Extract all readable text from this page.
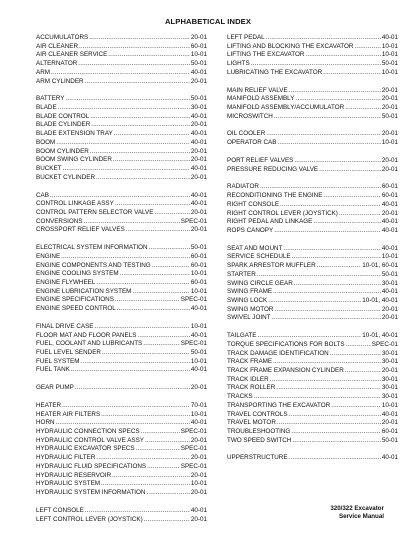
ALPHABETICAL INDEX
ACCUMULATORS .....	20-01
AIR CLEANER .....	60-01
AIR CLEANER SERVICE .....	10-01
ALTERNATOR .....	50-01
ARM .....	40-01
ARM CYLINDER .....	20-01
BATTERY .....	50-01
BLADE .....	30-01
BLADE CONTROL .....	40-01
BLADE CYLINDER .....	20-01
BLADE EXTENSION TRAY .....	40-01
BOOM .....	40-01
BOOM CYLINDER .....	20-01
BOOM SWING CYLINDER .....	20-01
BUCKET .....	40-01
BUCKET CYLINDER .....	20-01
CAB .....	40-01
CONTROL LINKAGE ASSY .....	40-01
CONTROL PATTERN SELECTOR VALVE .....	20-01
CONVERSIONS .....	SPEC-01
CROSSPORT RELIEF VALVES .....	20-01
ELECTRICAL SYSTEM INFORMATION .....	50-01
ENGINE .....	60-01
ENGINE COMPONENTS AND TESTING .....	60-01
ENGINE COOLING SYSTEM .....	10-01
ENGINE FLYWHEEL .....	60-01
ENGINE LUBRICATION SYSTEM .....	10-01
ENGINE SPECIFICATIONS .....	SPEC-01
ENGINE SPEED CONTROL .....	40-01
FINAL DRIVE CASE .....	10-01
FLOOR MAT AND FLOOR PANELS .....	40-01
FUEL, COOLANT AND LUBRICANTS .....	SPEC-01
FUEL LEVEL SENDER .....	50-01
FUEL SYSTEM .....	10-01
FUEL TANK .....	40-01
GEAR PUMP .....	20-01
HEATER .....	70-01
HEATER AIR FILTERS .....	10-01
HORN .....	40-01
HYDRAULIC CONNECTION SPECS .....	SPEC-01
HYDRAULIC CONTROL VALVE ASSY .....	20-01
HYDRAULIC EXCAVATOR SPECS .....	SPEC-01
HYDRAULIC FILTER .....	20-01
HYDRAULIC FLUID SPECIFICATIONS .....	SPEC-01
HYDRAULIC RESERVOIR .....	20-01
HYDRAULIC SYSTEM .....	10-01
HYDRAULIC SYSTEM INFORMATION .....	20-01
LEFT CONSOLE .....	40-01
LEFT CONTROL LEVER (JOYSTICK) .....	20-01
LEFT PEDAL .....	40-01
LIFTING AND BLOCKING THE EXCAVATOR .....	10-01
LIFTING THE EXCAVATOR .....	10-01
LIGHTS .....	50-01
LUBRICATING THE EXCAVATOR .....	10-01
MAIN RELIEF VALVE .....	20-01
MANIFOLD ASSEMBLY .....	20-01
MANIFOLD ASSEMBLY/ACCUMULATOR .....	20-01
MICROSWITCH .....	50-01
OIL COOLER .....	20-01
OPERATOR CAB .....	10-01
PORT RELIEF VALVES .....	20-01
PRESSURE REDUCING VALVE .....	20-01
RADIATOR .....	60-01
RECONDITIONING THE ENGINE .....	60-01
RIGHT CONSOLE .....	40-01
RIGHT CONTROL LEVER (JOYSTICK) .....	20-01
RIGHT PEDAL AND LINKAGE .....	40-01
ROPS CANOPY .....	40-01
SEAT AND MOUNT .....	40-01
SERVICE SCHEDULE .....	10-01
SPARK ARRESTOR MUFFLER .....	10-01, 60-01
STARTER .....	50-01
SWING CIRCLE GEAR .....	30-01
SWING FRAME .....	40-01
SWING LOCK .....	10-01, 40-01
SWING MOTOR .....	20-01
SWIVEL JOINT .....	20-01
TAILGATE .....	10-01, 40-01
TORQUE SPECIFICATIONS FOR BOLTS .....	SPEC-01
TRACK DAMAGE IDENTIFICATION .....	30-01
TRACK FRAME .....	30-01
TRACK FRAME EXPANSION CYLINDER .....	20-01
TRACK IDLER .....	30-01
TRACK ROLLER .....	30-01
TRACKS .....	30-01
TRANSPORTING THE EXCAVATOR .....	10-01
TRAVEL CONTROLS .....	40-01
TRAVEL MOTOR .....	20-01
TROUBLESHOOTING .....	60-01
TWO SPEED SWITCH .....	50-01
UPPERSTRUCTURE .....	40-01
320/322 Excavator
Service Manual
